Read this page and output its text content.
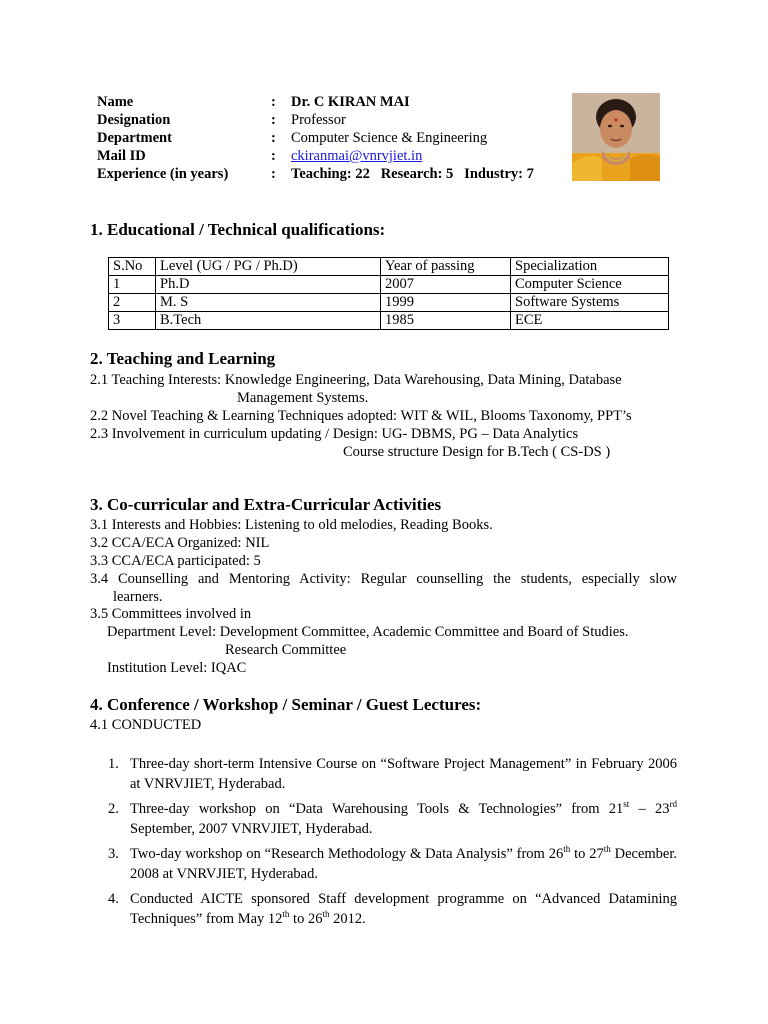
Name	:	Dr. C KIRAN MAI
Designation	:	Professor
Department	:	Computer Science & Engineering
Mail ID	:	ckiranmai@vnrvjiet.in
Experience (in years)	:	Teaching: 22   Research: 5   Industry: 7
1. Educational / Technical qualifications:
S.No	Level (UG / PG / Ph.D)	Year of passing	Specialization
1	Ph.D	2007	Computer Science
2	M. S	1999	Software Systems
3	B.Tech	1985	ECE
2. Teaching and Learning
2.1 Teaching Interests: Knowledge Engineering, Data Warehousing, Data Mining, Database
Management Systems.
2.2 Novel Teaching & Learning Techniques adopted: WIT & WIL, Blooms Taxonomy, PPT’s
2.3 Involvement in curriculum updating / Design: UG- DBMS, PG – Data Analytics
Course structure Design for B.Tech ( CS-DS )
3. Co-curricular and Extra-Curricular Activities
3.1 Interests and Hobbies: Listening to old melodies, Reading Books.
3.2 CCA/ECA Organized: NIL
3.3 CCA/ECA participated: 5
3.4 Counselling and Mentoring Activity: Regular counselling the students, especially slow
learners.
3.5 Committees involved in
Department Level: Development Committee, Academic Committee and Board of Studies.
Research Committee
Institution Level: IQAC
4. Conference / Workshop / Seminar / Guest Lectures:
4.1 CONDUCTED
1. Three-day short-term Intensive Course on “Software Project Management” in February 2006 at VNRVJIET, Hyderabad.
2. Three-day workshop on “Data Warehousing Tools & Technologies” from 21st – 23rd September, 2007 VNRVJIET, Hyderabad.
3. Two-day workshop on “Research Methodology & Data Analysis” from 26th to 27th December. 2008 at VNRVJIET, Hyderabad.
4. Conducted AICTE sponsored Staff development programme on “Advanced Datamining Techniques” from May 12th to 26th 2012.
